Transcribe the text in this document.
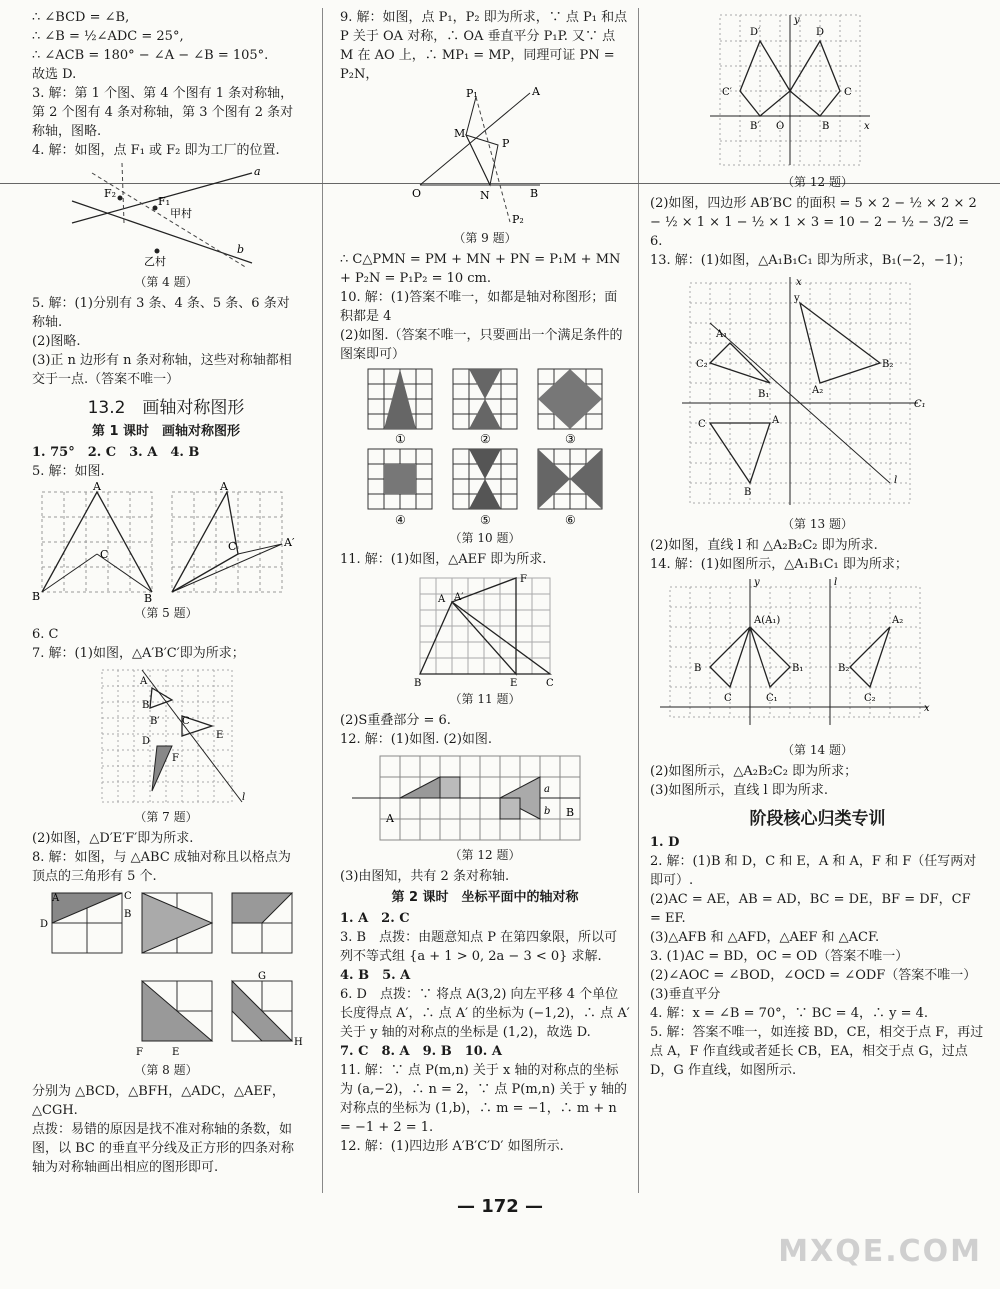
∴ ∠BCD = ∠B,

∴ ∠B = ½∠ADC = 25°,

∴ ∠ACB = 180° − ∠A − ∠B = 105°.

故选 D.

3. 解：第 1 个图、第 4 个图有 1 条对称轴，第 2 个图有 4 条对称轴，第 3 个图有 2 条对称轴，图略.

4. 解：如图，点 F₁ 或 F₂ 即为工厂的位置.

F₂
F₁
甲村
乙村
a
b

（第 4 题）

5. 解：(1)分别有 3 条、4 条、5 条、6 条对称轴.

(2)图略.

(3)正 n 边形有 n 条对称轴，这些对称轴都相交于一点.（答案不唯一）

13.2　画轴对称图形
第 1 课时　画轴对称图形

1. 75°　2. C　3. A　4. B

5. 解：如图.

A
C
B	B
A
C	A′

（第 5 题）

6. C

7. 解：(1)如图，△A′B′C′即为所求；

A
B
B′ C
D
E
F
l

（第 7 题）

(2)如图，△D′E′F′即为所求.

8. 解：如图，与 △ABC 成轴对称且以格点为顶点的三角形有 5 个.

A
B
C
D
F
H
E
G

（第 8 题）

分别为 △BCD，△BFH，△ADC，△AEF，△CGH.

点拨：易错的原因是找不准对称轴的条数，如图，以 BC 的垂直平分线及正方形的四条对称轴为对称轴画出相应的图形即可.

9. 解：如图，点 P₁，P₂ 即为所求，∵ 点 P₁ 和点 P 关于 OA 对称，∴ OA 垂直平分 P₁P. 又∵ 点 M 在 AO 上，∴ MP₁ = MP，同理可证 PN = P₂N，

A
P₁
M
P
O	N	B
P₂

（第 9 题）

∴ C△PMN = PM + MN + PN = P₁M + MN + P₂N = P₁P₂ = 10 cm.

10. 解：(1)答案不唯一，如都是轴对称图形；面积都是 4

(2)如图.（答案不唯一，只要画出一个满足条件的图案即可）

①	②	③
④	⑤	⑥

（第 10 题）

11. 解：(1)如图，△AEF 即为所求.

A A′
F
B	E	C

（第 11 题）

(2)S重叠部分 = 6.

12. 解：(1)如图. (2)如图.

A	B
a
b

（第 12 题）

(3)由图知，共有 2 条对称轴.

第 2 课时　坐标平面中的轴对称

1. A　2. C

3. B　点拨：由题意知点 P 在第四象限，所以可列不等式组 {a + 1 > 0, 2a − 3 < 0} 求解.

4. B　5. A

6. D　点拨：∵ 将点 A(3,2) 向左平移 4 个单位长度得点 A′，∴ 点 A′ 的坐标为 (−1,2)，∴ 点 A′ 关于 y 轴的对称点的坐标是 (1,2)，故选 D.

7. C　8. A　9. B　10. A

11. 解：∵ 点 P(m,n) 关于 x 轴的对称点的坐标为 (a,−2)，∴ n = 2，∵ 点 P(m,n) 关于 y 轴的对称点的坐标为 (1,b)，∴ m = −1，∴ m + n = −1 + 2 = 1.

12. 解：(1)四边形 A′B′C′D′ 如图所示.

y
x
D′	D
C′
O
C
B′	B

（第 12 题）

(2)如图，四边形 AB′BC 的面积 = 5 × 2 − ½ × 2 × 2 − ½ × 1 × 1 − ½ × 1 × 3 = 10 − 2 − ½ − 3/2 = 6.

13. 解：(1)如图，△A₁B₁C₁ 即为所求，B₁(−2，−1)；

y
x
C₁
C₂
A₂
B₂
A
B
C
l
A₁
B₁

（第 13 题）

(2)如图，直线 l 和 △A₂B₂C₂ 即为所求.

14. 解：(1)如图所示，△A₁B₁C₁ 即为所求；

y	l
A(A₁)	A₂
B	B₁	B₂
C	C₁	C₂
x

（第 14 题）

(2)如图所示，△A₂B₂C₂ 即为所求；

(3)如图所示，直线 l 即为所求.

阶段核心归类专训

1. D

2. 解：(1)B 和 D，C 和 E，A 和 A，F 和 F（任写两对即可）.

(2)AC = AE，AB = AD，BC = DE，BF = DF，CF = EF.

(3)△AFB 和 △AFD，△AEF 和 △ACF.

3. (1)AC = BD，OC = OD（答案不唯一）

(2)∠AOC = ∠BOD，∠OCD = ∠ODF（答案不唯一）

(3)垂直平分

4. 解：x = ∠B = 70°，∵ BC = 4，∴ y = 4.

5. 解：答案不唯一，如连接 BD，CE，相交于点 F，再过点 A，F 作直线或者延长 CB，EA，相交于点 G，过点 D，G 作直线，如图所示.

— 172 —
MXQE.COM
